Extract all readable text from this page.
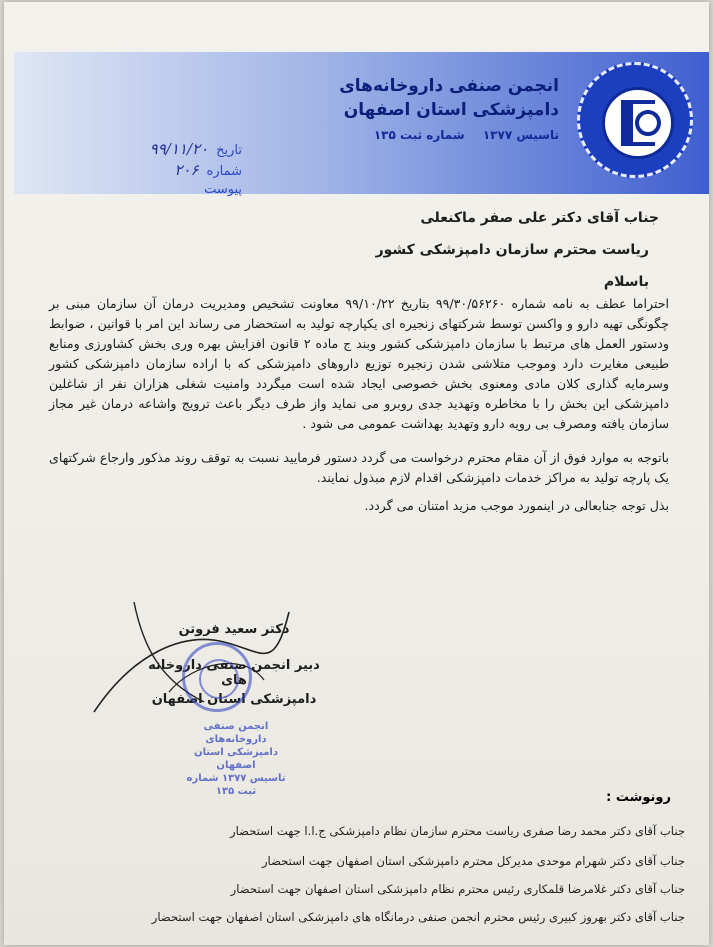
انجمن صنفی داروخانه‌های
دامپزشکی استان اصفهان
تاسیس ۱۳۷۷ شماره ثبت ۱۳۵
تاریخ۹۹/۱۱/۲۰
شماره۲۰۶
پیوست
جناب آقای دکتر علی صفر ماکنعلی
ریاست محترم سازمان دامپزشکی کشور
باسلام

احتراما عطف به نامه شماره ۹۹/۳۰/۵۶۲۶۰ بتاریخ ۹۹/۱۰/۲۲ معاونت تشخیص ومدیریت درمان آن سازمان مبنی بر چگونگی تهیه دارو و واکسن توسط شرکتهای زنجیره ای یکپارچه تولید به استحضار می رساند این امر با قوانین ، ضوابط ودستور العمل های مرتبط با سازمان دامپزشکی کشور وبند ج ماده ۲ قانون افزایش بهره وری بخش کشاورزی ومنابع طبیعی مغایرت دارد وموجب متلاشی شدن زنجیره توزیع داروهای دامپزشکی که با اراده سازمان دامپزشکی کشور وسرمایه گذاری کلان مادی ومعنوی بخش خصوصی ایجاد شده است میگردد وامنیت شغلی هزاران نفر از شاغلین دامپزشکی این بخش را با مخاطره وتهدید جدی روبرو می نماید واز طرف دیگر باعث ترویج واشاعه درمان غیر مجاز سازمان یافته ومصرف بی رویه دارو وتهدید بهداشت عمومی می شود .

باتوجه به موارد فوق از آن مقام محترم درخواست می گردد دستور فرمایید نسبت به توقف روند مذکور وارجاع شرکتهای یک پارچه تولید به مراکز خدمات دامپزشکی اقدام لازم مبذول نمایند.

بذل توجه جنابعالی در اینمورد موجب مزید امتنان می گردد.

دکتر سعید فروتن
دبیر انجمن صنفی داروخانه های
دامپزشکی استان اصفهان
انجمن صنفی داروخانه‌های
دامپزشکی استان اصفهان
تاسیس ۱۳۷۷ شماره ثبت ۱۳۵	رونوشت :
جناب آقای دکتر محمد رضا صفری ریاست محترم سازمان نظام دامپزشکی ج.ا.ا جهت استحضار
جناب آقای دکتر شهرام موحدی مدیرکل محترم دامپزشکی استان اصفهان جهت استحضار
جناب آقای دکتر غلامرضا قلمکاری رئیس محترم نظام دامپزشکی استان اصفهان جهت استحضار
جناب آقای دکتر بهروز کبیری رئیس محترم انجمن صنفی درمانگاه های دامپزشکی استان اصفهان جهت استحضار
